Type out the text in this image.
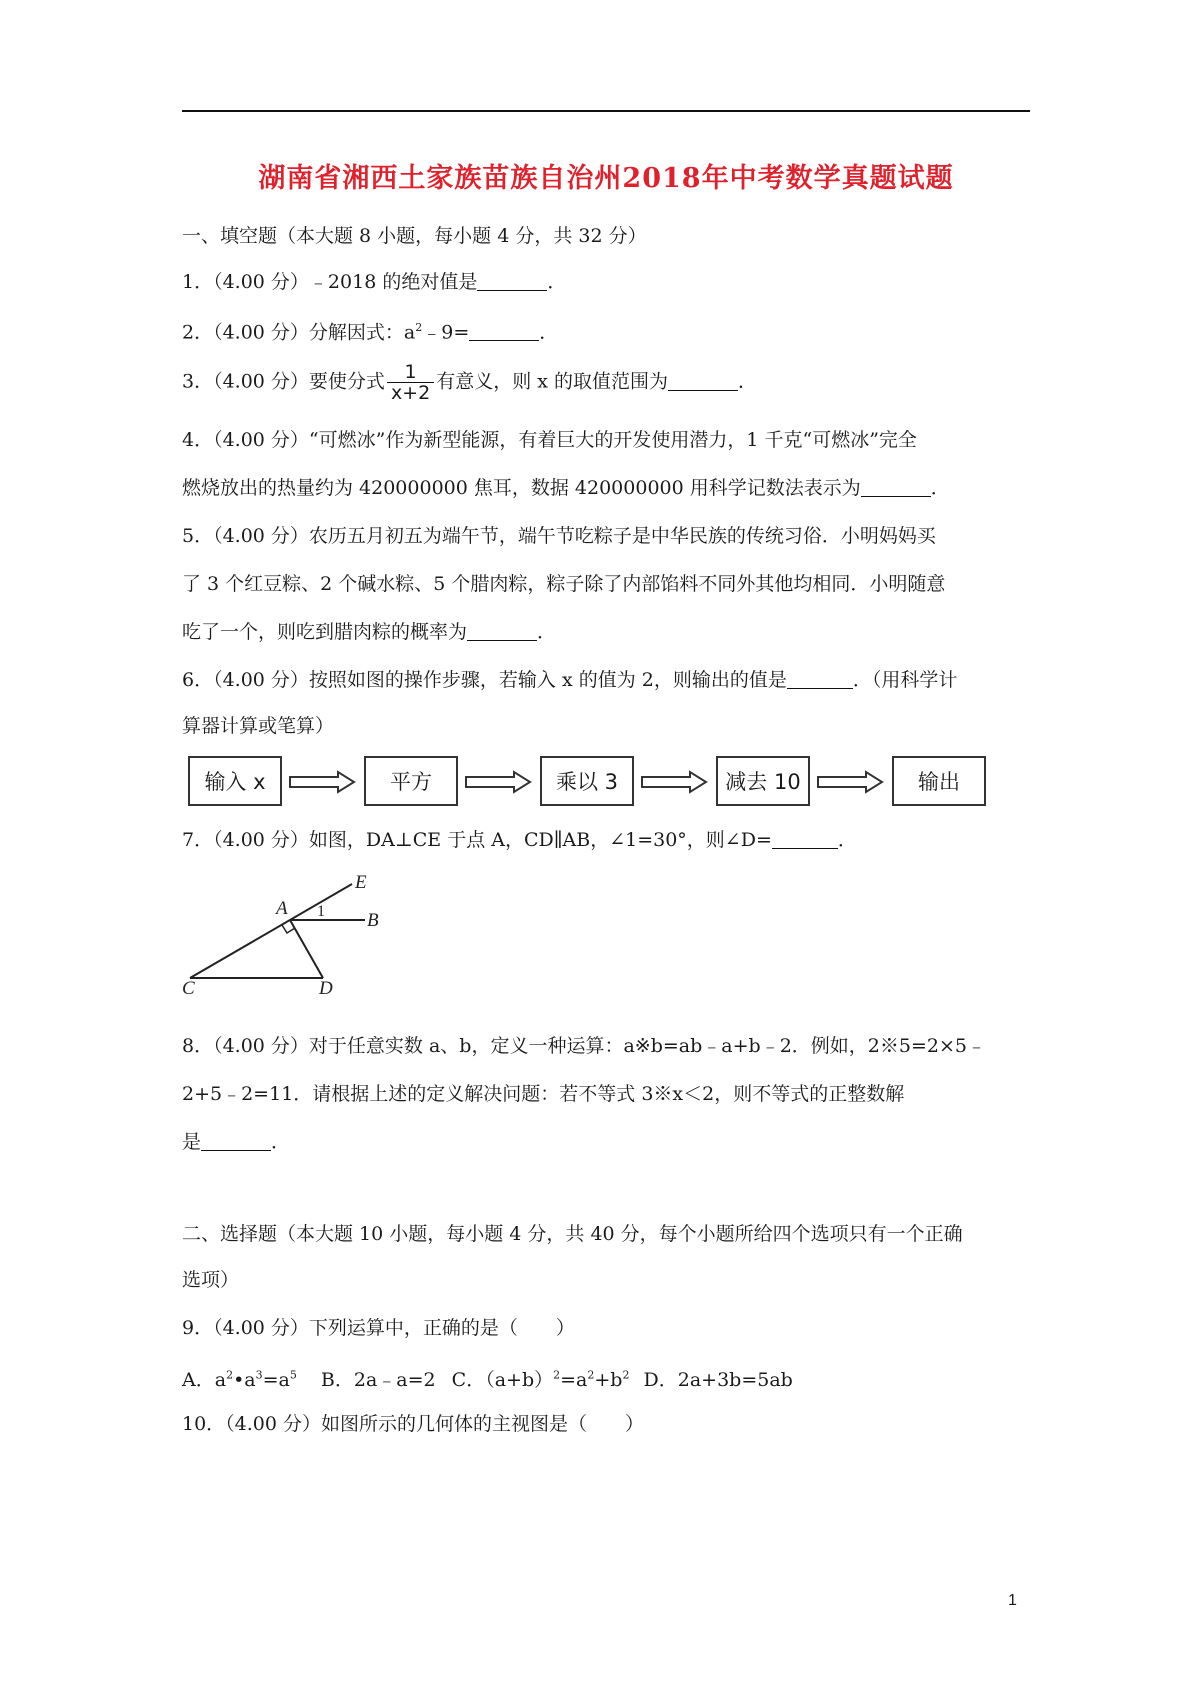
湖南省湘西土家族苗族自治州2018年中考数学真题试题
一、填空题（本大题 8 小题，每小题 4 分，共 32 分）
1．（4.00 分）﹣2018 的绝对值是	．
2．（4.00 分）分解因式：$a^2﹣9=$	．
3．（4.00 分）要使分式 $\frac{1}{x+2}$ 有意义，则 x 的取值范围为	．
4．（4.00 分）“可燃冰”作为新型能源，有着巨大的开发使用潜力，1 千克“可燃冰”完全
燃烧放出的热量约为 420000000 焦耳，数据 420000000 用科学记数法表示为	．
5．（4.00 分）农历五月初五为端午节，端午节吃粽子是中华民族的传统习俗．小明妈妈买
了 3 个红豆粽、2 个碱水粽、5 个腊肉粽，粽子除了内部馅料不同外其他均相同．小明随意
吃了一个，则吃到腊肉粽的概率为	．
6．（4.00 分）按照如图的操作步骤，若输入 x 的值为 2，则输出的值是	．（用科学计
算器计算或笔算）
输入 x	平方	乘以 3	减去 10	输出
7．（4.00 分）如图，DA⊥CE 于点 A，CD∥AB，∠1=30°，则∠D=	．
E
A 1 B
C	D
8．（4.00 分）对于任意实数 a、b，定义一种运算：a※b=ab﹣a+b﹣2．例如，2※5=2×5﹣
2+5﹣2=11．请根据上述的定义解决问题：若不等式 3※x＜2，则不等式的正整数解
是	．
二、选择题（本大题 10 小题，每小题 4 分，共 40 分，每个小题所给四个选项只有一个正确
选项）
9．（4.00 分）下列运算中，正确的是（　　）
A．$a^2•a^3=a^5$ B．2a﹣a=2 C．$(a+b)^2=a^2+b^2$ D．2a+3b=5ab
10．（4.00 分）如图所示的几何体的主视图是（　　）
1
